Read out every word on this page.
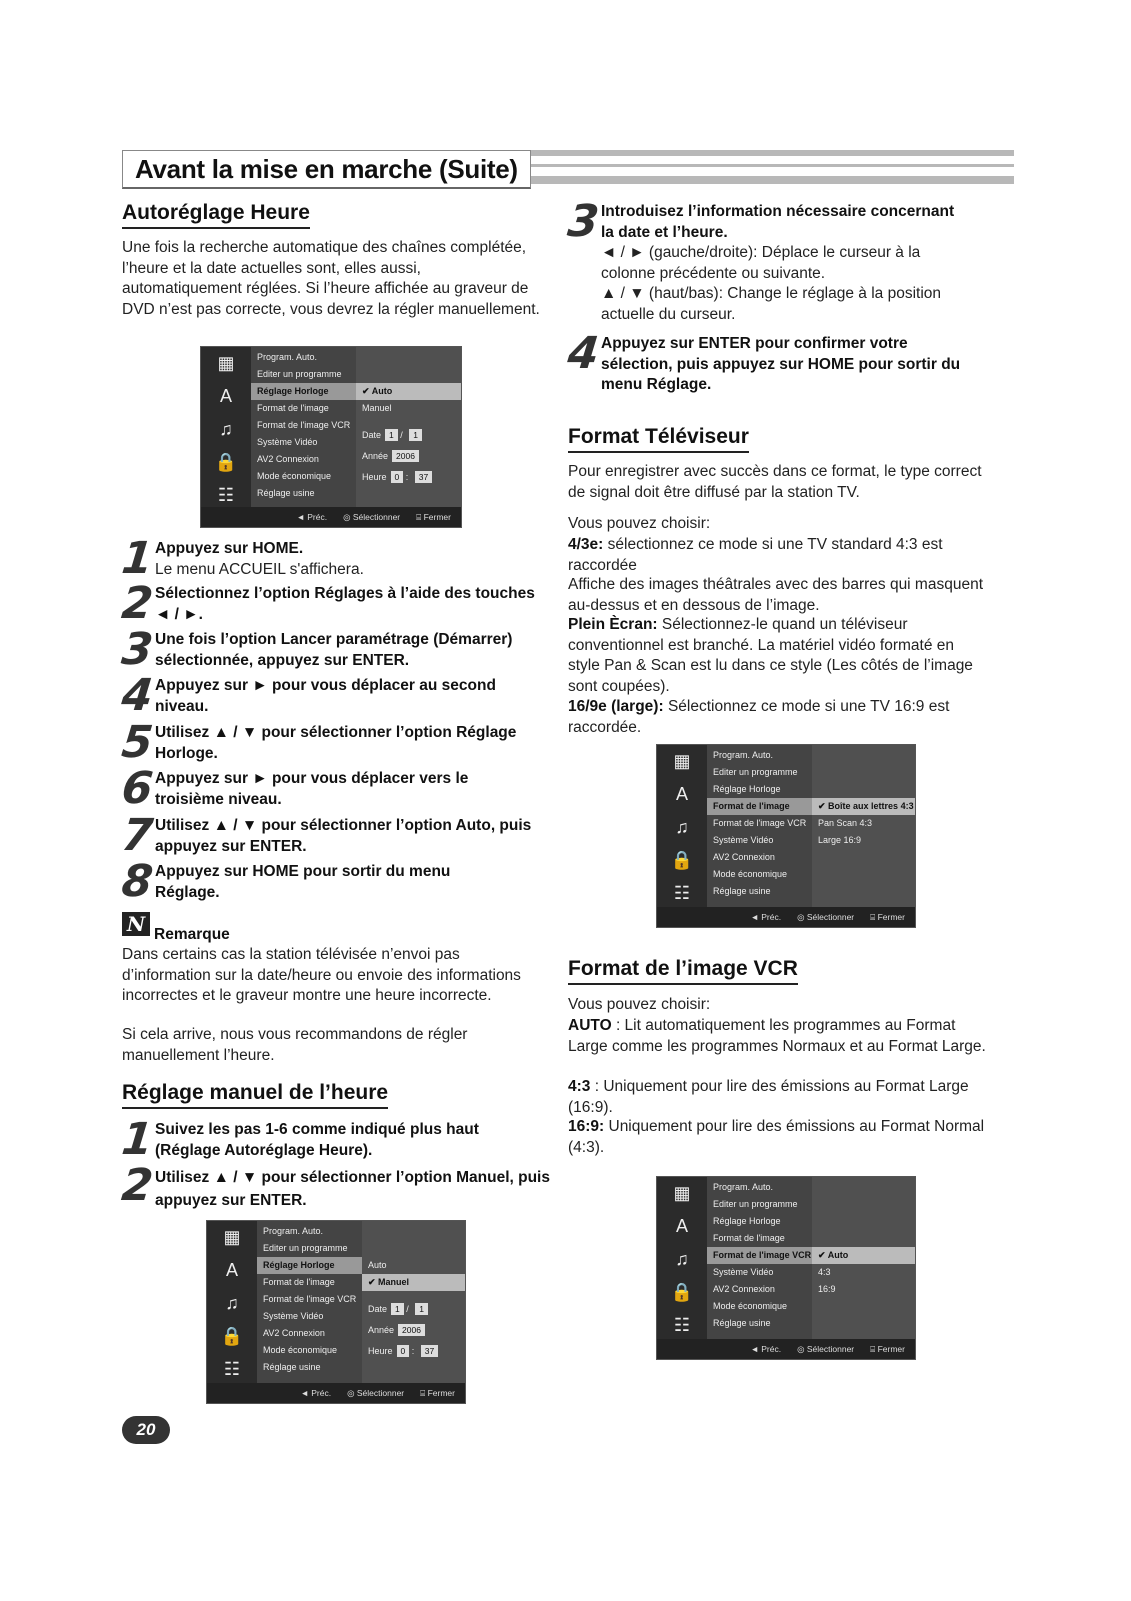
Avant la mise en marche (Suite)
Autoréglage Heure
Une fois la recherche automatique des chaînes complétée, l’heure et la date actuelles sont, elles aussi, automatiquement réglées. Si l’heure affichée au graveur de DVD n’est pas correcte, vous devrez la régler manuellement.
▦
A
♫
🔒
☷
Program. Auto.
Editer un programme
Réglage Horloge
Format de l'image
Format de l'image VCR
Système Vidéo
AV2 Connexion
Mode économique
Réglage usine
✔ Auto
Manuel
Date 1 / 1
Année 2006
Heure 0 : 37
◄ Préc. ◎ Sélectionner ⌸ Fermer
1 Appuyez sur HOME.
Le menu ACCUEIL s'affichera.
2 Sélectionnez l’option Réglages à l’aide des touches ◄ / ►.
3 Une fois l’option Lancer paramétrage (Démarrer) sélectionnée, appuyez sur ENTER.
4 Appuyez sur ► pour vous déplacer au second niveau.
5 Utilisez ▲ / ▼ pour sélectionner l’option Réglage Horloge.
6 Appuyez sur ► pour vous déplacer vers le troisième niveau.
7 Utilisez ▲ / ▼ pour sélectionner l’option Auto, puis appuyez sur ENTER.
8 Appuyez sur HOME pour sortir du menu Réglage.
N Remarque
Dans certains cas la station télévisée n’envoi pas d’information sur la date/heure ou envoie des informations incorrectes et le graveur montre une heure incorrecte.
Si cela arrive, nous vous recommandons de régler manuellement l’heure.
Réglage manuel de l’heure
1 Suivez les pas 1-6 comme indiqué plus haut (Réglage Autoréglage Heure).
2 Utilisez ▲ / ▼ pour sélectionner l’option Manuel, puis appuyez sur ENTER.
▦
A
♫
🔒
☷
Program. Auto.
Editer un programme
Réglage Horloge
Format de l'image
Format de l'image VCR
Système Vidéo
AV2 Connexion
Mode économique
Réglage usine
Auto
✔ Manuel
Date 1 / 1
Année 2006
Heure 0 : 37
◄ Préc. ◎ Sélectionner ⌸ Fermer
20
3 Introduisez l’information nécessaire concernant la date et l’heure.
◄ / ► (gauche/droite): Déplace le curseur à la colonne précédente ou suivante.
▲ / ▼ (haut/bas): Change le réglage à la position actuelle du curseur.
4 Appuyez sur ENTER pour confirmer votre sélection, puis appuyez sur HOME pour sortir du menu Réglage.
Format Téléviseur
Pour enregistrer avec succès dans ce format, le type correct de signal doit être diffusé par la station TV.
Vous pouvez choisir:
4/3e: sélectionnez ce mode si une TV standard 4:3 est raccordée
Affiche des images théâtrales avec des barres qui masquent au-dessus et en dessous de l’image.
Plein Ècran: Sélectionnez-le quand un téléviseur conventionnel est branché. La matériel vidéo formaté en style Pan & Scan est lu dans ce style (Les côtés de l’image sont coupées).
16/9e (large): Sélectionnez ce mode si une TV 16:9 est raccordée.
▦
A
♫
🔒
☷
Program. Auto.
Editer un programme
Réglage Horloge
Format de l'image
Format de l'image VCR
Système Vidéo
AV2 Connexion
Mode économique
Réglage usine
✔ Boîte aux lettres 4:3
Pan Scan 4:3
Large 16:9
◄ Préc. ◎ Sélectionner ⌸ Fermer
Format de l’image VCR
Vous pouvez choisir:
AUTO : Lit automatiquement les programmes au Format Large comme les programmes Normaux et au Format Large.
4:3 : Uniquement pour lire des émissions au Format Large (16:9).
16:9: Uniquement pour lire des émissions au Format Normal (4:3).
▦
A
♫
🔒
☷
Program. Auto.
Editer un programme
Réglage Horloge
Format de l'image
Format de l'image VCR
Système Vidéo
AV2 Connexion
Mode économique
Réglage usine
✔ Auto
4:3
16:9
◄ Préc. ◎ Sélectionner ⌸ Fermer
